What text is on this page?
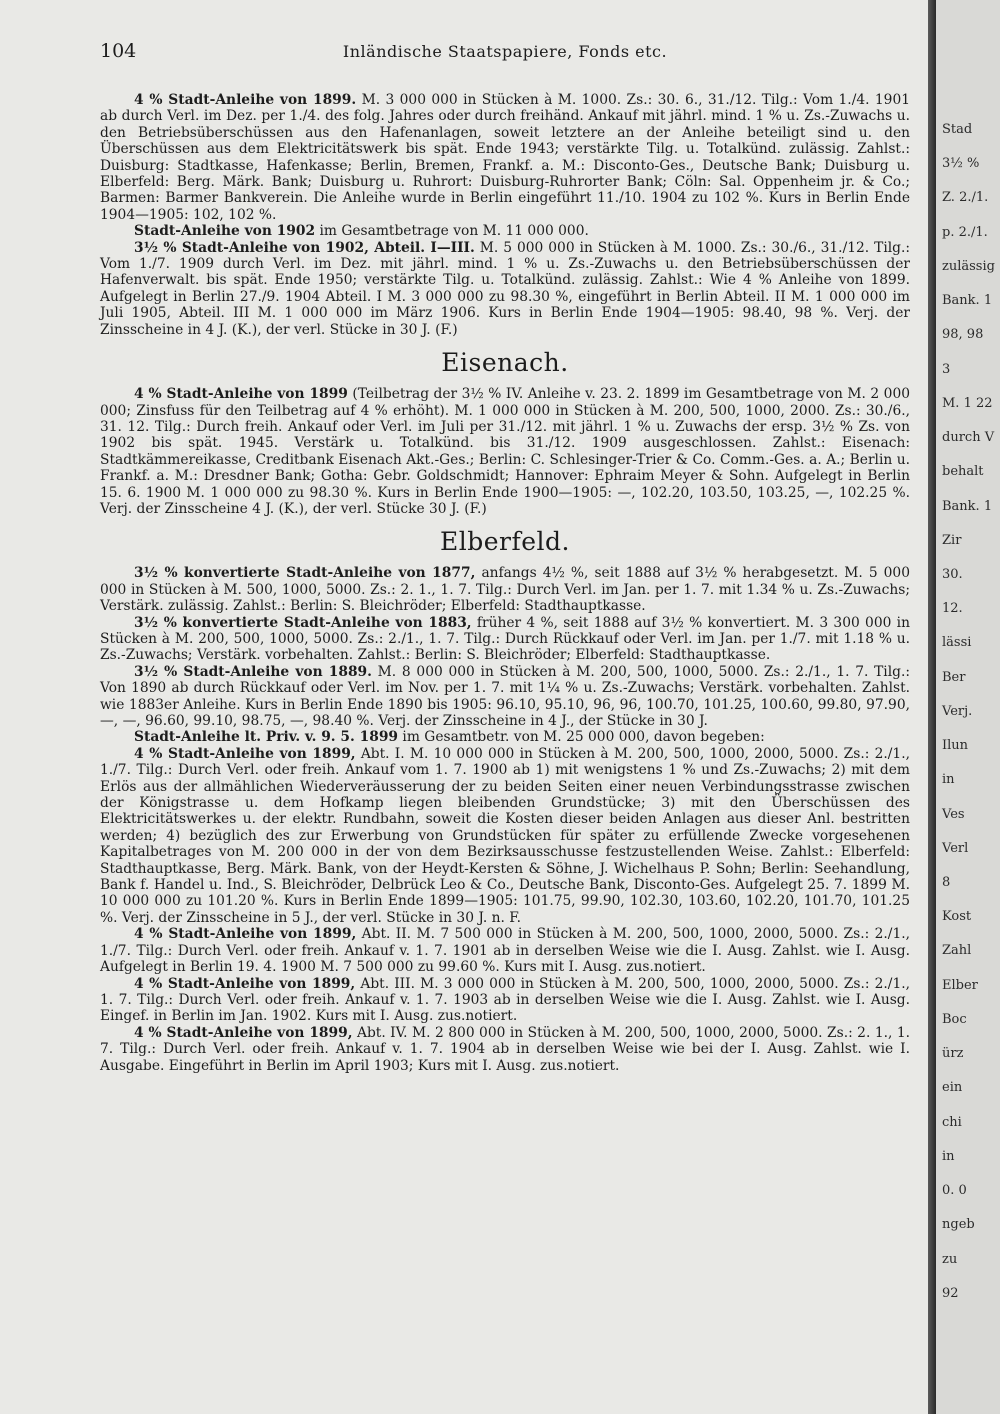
104	Inländische Staatspapiere, Fonds etc.

4 % Stadt-Anleihe von 1899. M. 3 000 000 in Stücken à M. 1000. Zs.: 30. 6., 31./12. Tilg.: Vom 1./4. 1901 ab durch Verl. im Dez. per 1./4. des folg. Jahres oder durch freihänd. Ankauf mit jährl. mind. 1 % u. Zs.-Zuwachs u. den Betriebsüberschüssen aus den Hafenanlagen, soweit letztere an der Anleihe beteiligt sind u. den Überschüssen aus dem Elektricitätswerk bis spät. Ende 1943; verstärkte Tilg. u. Totalkünd. zulässig. Zahlst.: Duisburg: Stadtkasse, Hafenkasse; Berlin, Bremen, Frankf. a. M.: Disconto-Ges., Deutsche Bank; Duisburg u. Elberfeld: Berg. Märk. Bank; Duisburg u. Ruhrort: Duisburg-Ruhrorter Bank; Cöln: Sal. Oppenheim jr. & Co.; Barmen: Barmer Bankverein. Die Anleihe wurde in Berlin eingeführt 11./10. 1904 zu 102 %. Kurs in Berlin Ende 1904—1905: 102, 102 %.

Stadt-Anleihe von 1902 im Gesamtbetrage von M. 11 000 000.

3½ % Stadt-Anleihe von 1902, Abteil. I—III. M. 5 000 000 in Stücken à M. 1000. Zs.: 30./6., 31./12. Tilg.: Vom 1./7. 1909 durch Verl. im Dez. mit jährl. mind. 1 % u. Zs.-Zuwachs u. den Betriebsüberschüssen der Hafenverwalt. bis spät. Ende 1950; verstärkte Tilg. u. Totalkünd. zulässig. Zahlst.: Wie 4 % Anleihe von 1899. Aufgelegt in Berlin 27./9. 1904 Abteil. I M. 3 000 000 zu 98.30 %, eingeführt in Berlin Abteil. II M. 1 000 000 im Juli 1905, Abteil. III M. 1 000 000 im März 1906. Kurs in Berlin Ende 1904—1905: 98.40, 98 %. Verj. der Zinsscheine in 4 J. (K.), der verl. Stücke in 30 J. (F.)

Eisenach.

4 % Stadt-Anleihe von 1899 (Teilbetrag der 3½ % IV. Anleihe v. 23. 2. 1899 im Gesamtbetrage von M. 2 000 000; Zinsfuss für den Teilbetrag auf 4 % erhöht). M. 1 000 000 in Stücken à M. 200, 500, 1000, 2000. Zs.: 30./6., 31. 12. Tilg.: Durch freih. Ankauf oder Verl. im Juli per 31./12. mit jährl. 1 % u. Zuwachs der ersp. 3½ % Zs. von 1902 bis spät. 1945. Verstärk u. Totalkünd. bis 31./12. 1909 ausgeschlossen. Zahlst.: Eisenach: Stadtkämmereikasse, Creditbank Eisenach Akt.-Ges.; Berlin: C. Schlesinger-Trier & Co. Comm.-Ges. a. A.; Berlin u. Frankf. a. M.: Dresdner Bank; Gotha: Gebr. Goldschmidt; Hannover: Ephraim Meyer & Sohn. Aufgelegt in Berlin 15. 6. 1900 M. 1 000 000 zu 98.30 %. Kurs in Berlin Ende 1900—1905: —, 102.20, 103.50, 103.25, —, 102.25 %. Verj. der Zinsscheine 4 J. (K.), der verl. Stücke 30 J. (F.)

Elberfeld.

3½ % konvertierte Stadt-Anleihe von 1877, anfangs 4½ %, seit 1888 auf 3½ % herabgesetzt. M. 5 000 000 in Stücken à M. 500, 1000, 5000. Zs.: 2. 1., 1. 7. Tilg.: Durch Verl. im Jan. per 1. 7. mit 1.34 % u. Zs.-Zuwachs; Verstärk. zulässig. Zahlst.: Berlin: S. Bleichröder; Elberfeld: Stadthauptkasse.

3½ % konvertierte Stadt-Anleihe von 1883, früher 4 %, seit 1888 auf 3½ % konvertiert. M. 3 300 000 in Stücken à M. 200, 500, 1000, 5000. Zs.: 2./1., 1. 7. Tilg.: Durch Rückkauf oder Verl. im Jan. per 1./7. mit 1.18 % u. Zs.-Zuwachs; Verstärk. vorbehalten. Zahlst.: Berlin: S. Bleichröder; Elberfeld: Stadthauptkasse.

3½ % Stadt-Anleihe von 1889. M. 8 000 000 in Stücken à M. 200, 500, 1000, 5000. Zs.: 2./1., 1. 7. Tilg.: Von 1890 ab durch Rückkauf oder Verl. im Nov. per 1. 7. mit 1¼ % u. Zs.-Zuwachs; Verstärk. vorbehalten. Zahlst. wie 1883er Anleihe. Kurs in Berlin Ende 1890 bis 1905: 96.10, 95.10, 96, 96, 100.70, 101.25, 100.60, 99.80, 97.90, —, —, 96.60, 99.10, 98.75, —, 98.40 %. Verj. der Zinsscheine in 4 J., der Stücke in 30 J.

Stadt-Anleihe lt. Priv. v. 9. 5. 1899 im Gesamtbetr. von M. 25 000 000, davon begeben:

4 % Stadt-Anleihe von 1899, Abt. I. M. 10 000 000 in Stücken à M. 200, 500, 1000, 2000, 5000. Zs.: 2./1., 1./7. Tilg.: Durch Verl. oder freih. Ankauf vom 1. 7. 1900 ab 1) mit wenigstens 1 % und Zs.-Zuwachs; 2) mit dem Erlös aus der allmählichen Wiederveräusserung der zu beiden Seiten einer neuen Verbindungsstrasse zwischen der Königstrasse u. dem Hofkamp liegen bleibenden Grundstücke; 3) mit den Überschüssen des Elektricitätswerkes u. der elektr. Rundbahn, soweit die Kosten dieser beiden Anlagen aus dieser Anl. bestritten werden; 4) bezüglich des zur Erwerbung von Grundstücken für später zu erfüllende Zwecke vorgesehenen Kapitalbetrages von M. 200 000 in der von dem Bezirksausschusse festzustellenden Weise. Zahlst.: Elberfeld: Stadthauptkasse, Berg. Märk. Bank, von der Heydt-Kersten & Söhne, J. Wichelhaus P. Sohn; Berlin: Seehandlung, Bank f. Handel u. Ind., S. Bleichröder, Delbrück Leo & Co., Deutsche Bank, Disconto-Ges. Aufgelegt 25. 7. 1899 M. 10 000 000 zu 101.20 %. Kurs in Berlin Ende 1899—1905: 101.75, 99.90, 102.30, 103.60, 102.20, 101.70, 101.25 %. Verj. der Zinsscheine in 5 J., der verl. Stücke in 30 J. n. F.

4 % Stadt-Anleihe von 1899, Abt. II. M. 7 500 000 in Stücken à M. 200, 500, 1000, 2000, 5000. Zs.: 2./1., 1./7. Tilg.: Durch Verl. oder freih. Ankauf v. 1. 7. 1901 ab in derselben Weise wie die I. Ausg. Zahlst. wie I. Ausg. Aufgelegt in Berlin 19. 4. 1900 M. 7 500 000 zu 99.60 %. Kurs mit I. Ausg. zus.notiert.

4 % Stadt-Anleihe von 1899, Abt. III. M. 3 000 000 in Stücken à M. 200, 500, 1000, 2000, 5000. Zs.: 2./1., 1. 7. Tilg.: Durch Verl. oder freih. Ankauf v. 1. 7. 1903 ab in derselben Weise wie die I. Ausg. Zahlst. wie I. Ausg. Eingef. in Berlin im Jan. 1902. Kurs mit I. Ausg. zus.notiert.

4 % Stadt-Anleihe von 1899, Abt. IV. M. 2 800 000 in Stücken à M. 200, 500, 1000, 2000, 5000. Zs.: 2. 1., 1. 7. Tilg.: Durch Verl. oder freih. Ankauf v. 1. 7. 1904 ab in derselben Weise wie bei der I. Ausg. Zahlst. wie I. Ausgabe. Eingeführt in Berlin im April 1903; Kurs mit I. Ausg. zus.notiert.

Stad
3½ %
Z. 2./1.
p. 2./1.
zulässig
Bank. 1
98, 98
3
M. 1 22
durch V
behalt
Bank. 1
Zir
30.
12.
lässi
Ber
Verj.
Ilun
in
Ves
Verl
8
Kost
Zahl
Elber
Boc
ürz
ein
chi
in
0. 0
ngeb
zu
92
